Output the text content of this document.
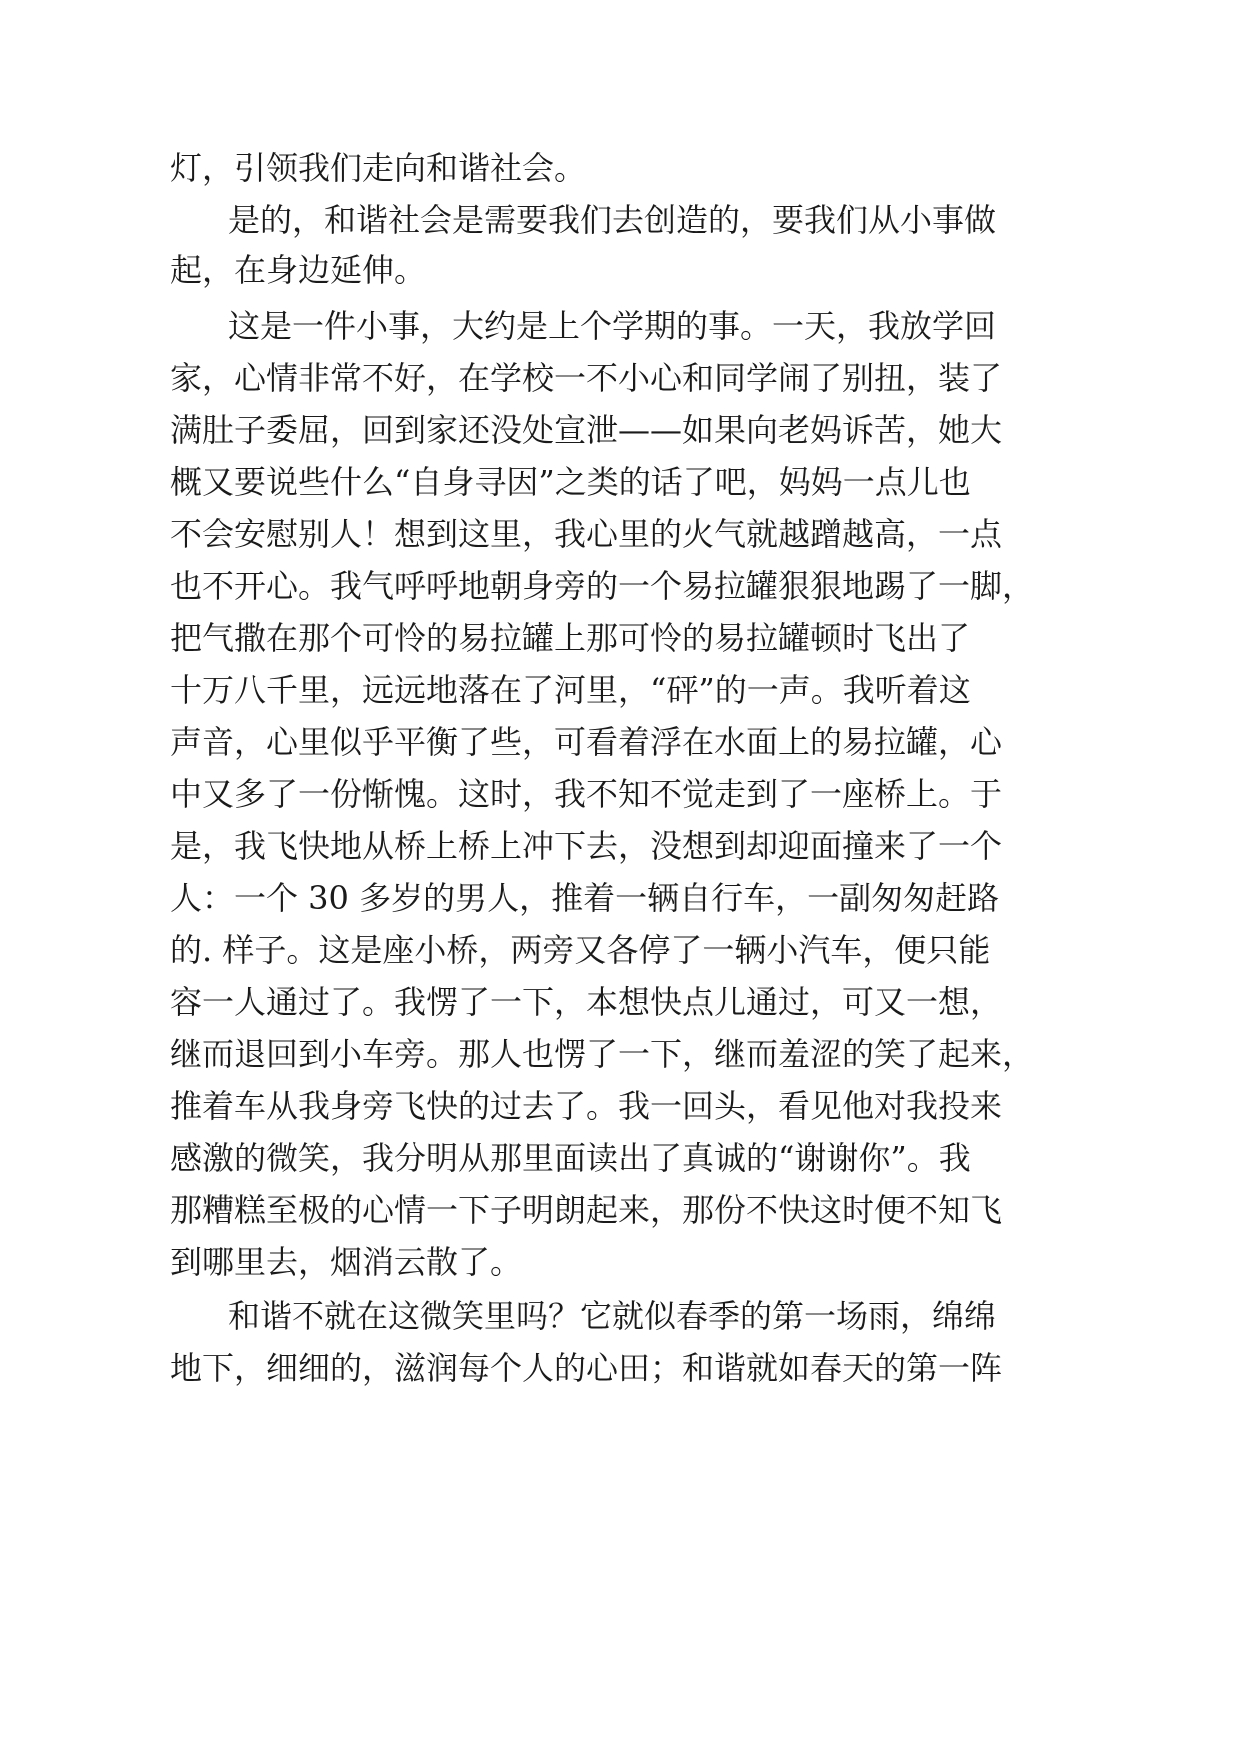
灯，引领我们走向和谐社会。
是的，和谐社会是需要我们去创造的，要我们从小事做
起，在身边延伸。
这是一件小事，大约是上个学期的事。一天，我放学回
家，心情非常不好，在学校一不小心和同学闹了别扭，装了
满肚子委屈，回到家还没处宣泄——如果向老妈诉苦，她大
概又要说些什么“自身寻因”之类的话了吧，妈妈一点儿也
不会安慰别人！想到这里，我心里的火气就越蹭越高，一点
也不开心。我气呼呼地朝身旁的一个易拉罐狠狠地踢了一脚，
把气撒在那个可怜的易拉罐上那可怜的易拉罐顿时飞出了
十万八千里，远远地落在了河里，“砰”的一声。我听着这
声音，心里似乎平衡了些，可看着浮在水面上的易拉罐，心
中又多了一份惭愧。这时，我不知不觉走到了一座桥上。于
是，我飞快地从桥上桥上冲下去，没想到却迎面撞来了一个
人：一个 30 多岁的男人，推着一辆自行车，一副匆匆赶路
的. 样子。这是座小桥，两旁又各停了一辆小汽车，便只能
容一人通过了。我愣了一下，本想快点儿通过，可又一想，
继而退回到小车旁。那人也愣了一下，继而羞涩的笑了起来，
推着车从我身旁飞快的过去了。我一回头，看见他对我投来
感激的微笑，我分明从那里面读出了真诚的“谢谢你”。我
那糟糕至极的心情一下子明朗起来，那份不快这时便不知飞
到哪里去，烟消云散了。
和谐不就在这微笑里吗？它就似春季的第一场雨，绵绵
地下，细细的，滋润每个人的心田；和谐就如春天的第一阵
